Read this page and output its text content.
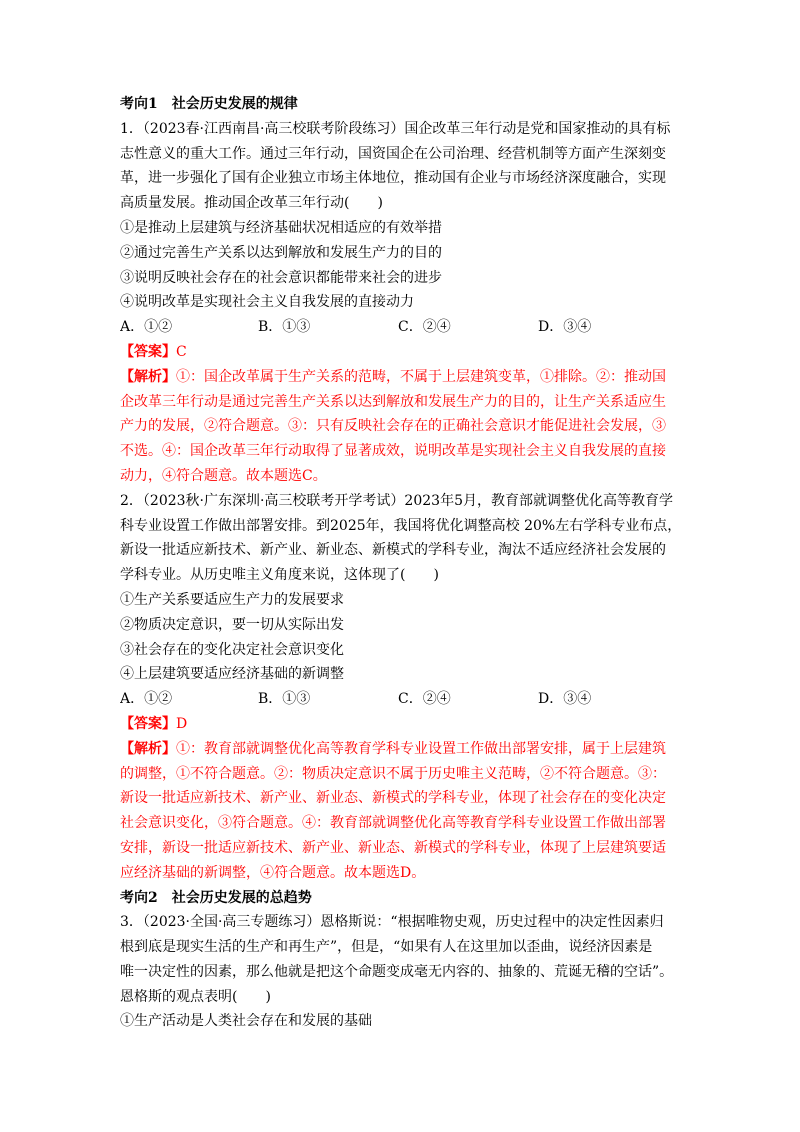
考向1 社会历史发展的规律
1．（2023春·江西南昌·高三校联考阶段练习）国企改革三年行动是党和国家推动的具有标
志性意义的重大工作。通过三年行动，国资国企在公司治理、经营机制等方面产生深刻变
革，进一步强化了国有企业独立市场主体地位，推动国有企业与市场经济深度融合，实现
高质量发展。推动国企改革三年行动(　　)
①是推动上层建筑与经济基础状况相适应的有效举措
②通过完善生产关系以达到解放和发展生产力的目的
③说明反映社会存在的社会意识都能带来社会的进步
④说明改革是实现社会主义自我发展的直接动力
A．①②	B．①③	C．②④	D．③④
【答案】C
【解析】①：国企改革属于生产关系的范畴，不属于上层建筑变革，①排除。②：推动国
企改革三年行动是通过完善生产关系以达到解放和发展生产力的目的，让生产关系适应生
产力的发展，②符合题意。③：只有反映社会存在的正确社会意识才能促进社会发展，③
不选。④：国企改革三年行动取得了显著成效，说明改革是实现社会主义自我发展的直接
动力，④符合题意。故本题选C。
2．（2023秋·广东深圳·高三校联考开学考试）2023年5月，教育部就调整优化高等教育学
科专业设置工作做出部署安排。到2025年，我国将优化调整高校 20%左右学科专业布点，
新设一批适应新技术、新产业、新业态、新模式的学科专业，淘汰不适应经济社会发展的
学科专业。从历史唯主义角度来说，这体现了(　　)
①生产关系要适应生产力的发展要求
②物质决定意识，要一切从实际出发
③社会存在的变化决定社会意识变化
④上层建筑要适应经济基础的新调整
A．①②	B．①③	C．②④	D．③④
【答案】D
【解析】①：教育部就调整优化高等教育学科专业设置工作做出部署安排，属于上层建筑
的调整，①不符合题意。②：物质决定意识不属于历史唯主义范畴，②不符合题意。③：
新设一批适应新技术、新产业、新业态、新模式的学科专业，体现了社会存在的变化决定
社会意识变化，③符合题意。④：教育部就调整优化高等教育学科专业设置工作做出部署
安排，新设一批适应新技术、新产业、新业态、新模式的学科专业，体现了上层建筑要适
应经济基础的新调整，④符合题意。故本题选D。
考向2 社会历史发展的总趋势
3．（2023·全国·高三专题练习）恩格斯说：“根据唯物史观，历史过程中的决定性因素归
根到底是现实生活的生产和再生产”，但是，“如果有人在这里加以歪曲，说经济因素是
唯一决定性的因素，那么他就是把这个命题变成毫无内容的、抽象的、荒诞无稽的空话”。
恩格斯的观点表明(　　)
①生产活动是人类社会存在和发展的基础
